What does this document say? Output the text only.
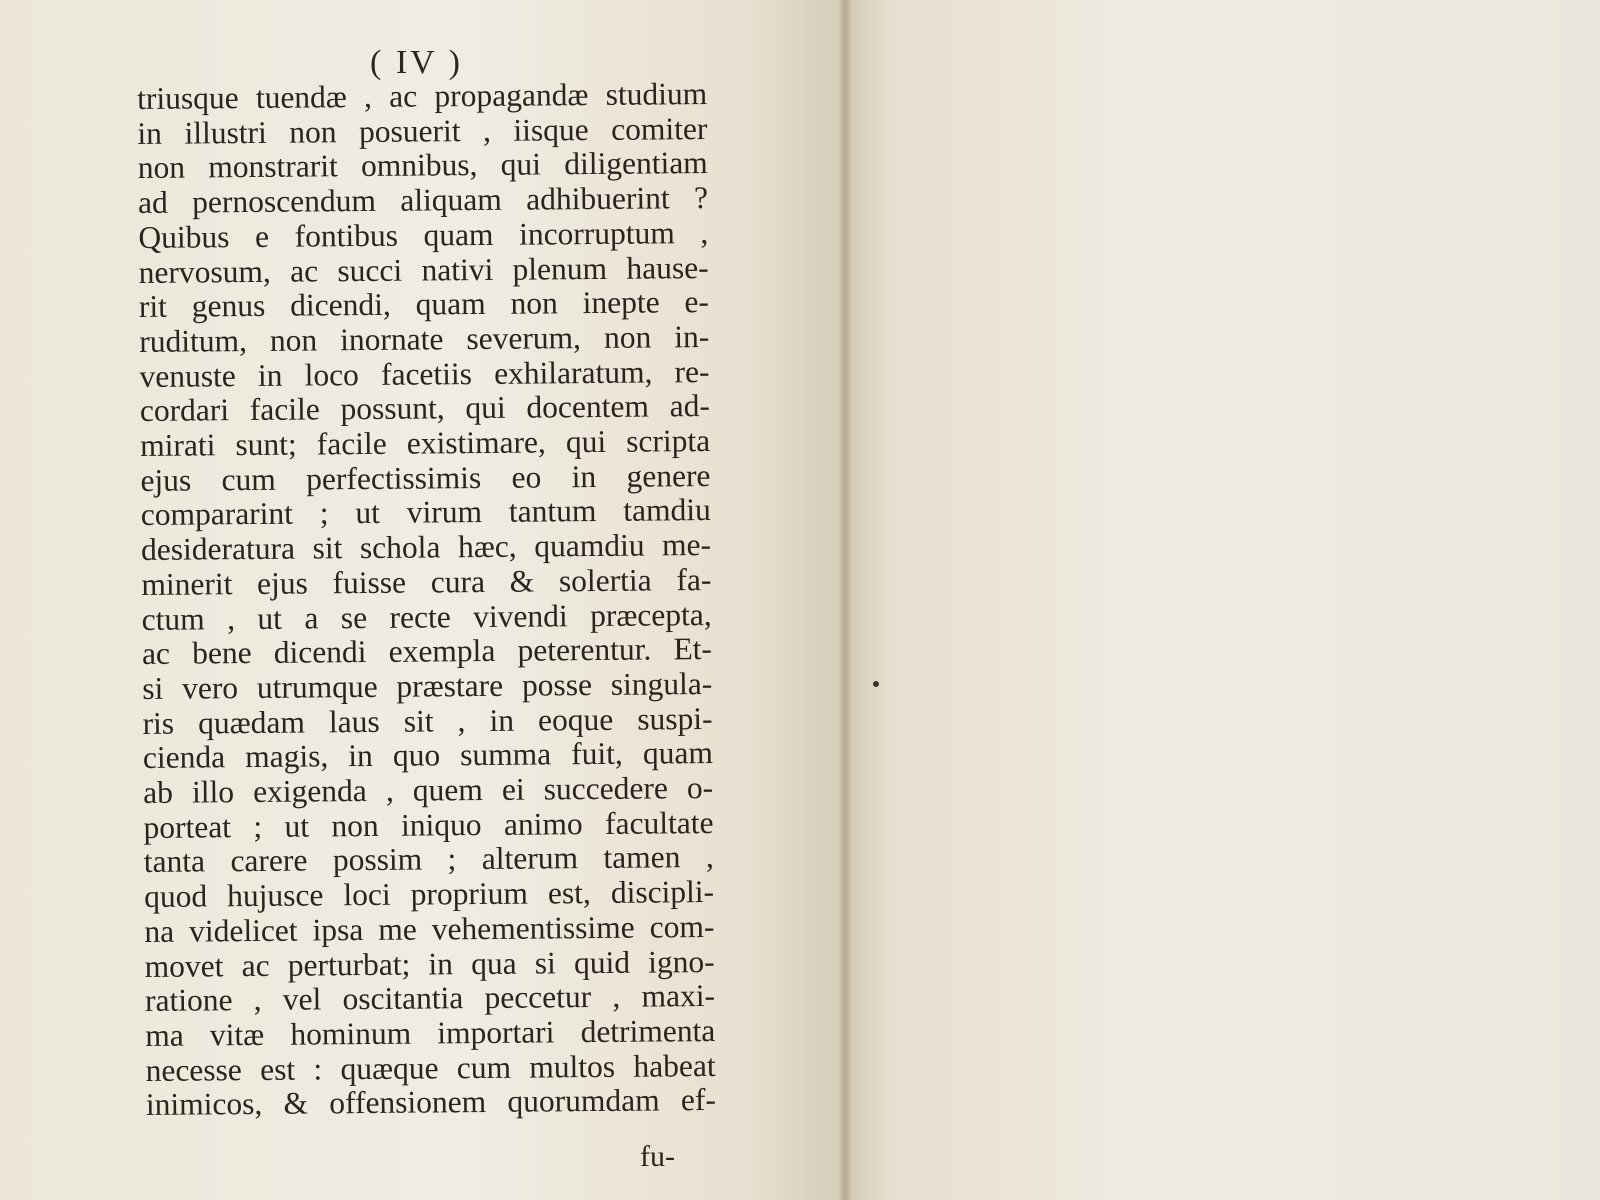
( IV )
triusque tuendæ , ac propagandæ studium
in illustri non posuerit , iisque comiter
non monstrarit omnibus, qui diligentiam
ad pernoscendum aliquam adhibuerint ?
Quibus e fontibus quam incorruptum ,
nervosum, ac succi nativi plenum hause-
rit genus dicendi, quam non inepte e-
ruditum, non inornate severum, non in-
venuste in loco facetiis exhilaratum, re-
cordari facile possunt, qui docentem ad-
mirati sunt; facile existimare, qui scripta
ejus cum perfectissimis eo in genere
compararint ; ut virum tantum tamdiu
desideratura sit schola hæc, quamdiu me-
minerit ejus fuisse cura & solertia fa-
ctum , ut a se recte vivendi præcepta,
ac bene dicendi exempla peterentur. Et-
si vero utrumque præstare posse singula-
ris quædam laus sit , in eoque suspi-
cienda magis, in quo summa fuit, quam
ab illo exigenda , quem ei succedere o-
porteat ; ut non iniquo animo facultate
tanta carere possim ; alterum tamen ,
quod hujusce loci proprium est, discipli-
na videlicet ipsa me vehementissime com-
movet ac perturbat; in qua si quid igno-
ratione , vel oscitantia peccetur , maxi-
ma vitæ hominum importari detrimenta
necesse est : quæque cum multos habeat
inimicos, & offensionem quorumdam ef-
fu-
